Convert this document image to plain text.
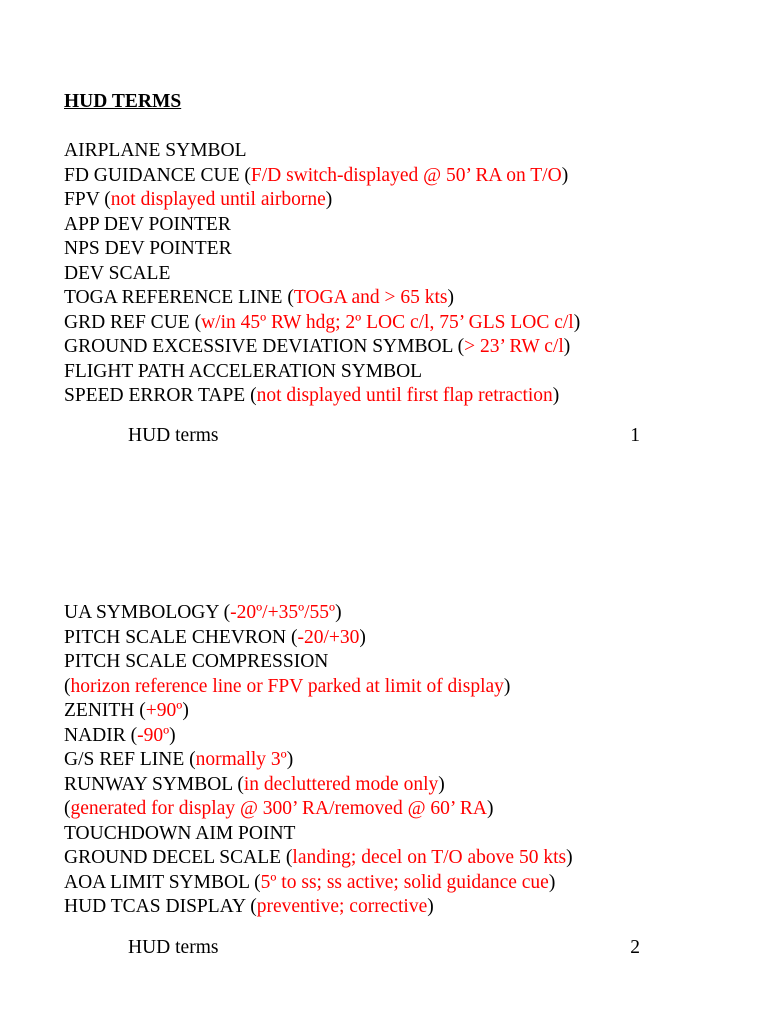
HUD TERMS
AIRPLANE SYMBOL
FD GUIDANCE CUE (F/D switch-displayed @ 50’ RA on T/O)
FPV (not displayed until airborne)
APP DEV POINTER
NPS DEV POINTER
DEV SCALE
TOGA REFERENCE LINE (TOGA and > 65 kts)
GRD REF CUE (w/in 45º RW hdg; 2º LOC c/l, 75’ GLS LOC c/l)
GROUND EXCESSIVE DEVIATION SYMBOL (> 23’ RW c/l)
FLIGHT PATH ACCELERATION SYMBOL
SPEED ERROR TAPE (not displayed until first flap retraction)
HUD terms	1
UA SYMBOLOGY (-20º/+35º/55º)
PITCH SCALE CHEVRON (-20/+30)
PITCH SCALE COMPRESSION
(horizon reference line or FPV parked at limit of display)
ZENITH (+90º)
NADIR (-90º)
G/S REF LINE (normally 3º)
RUNWAY SYMBOL (in decluttered mode only)
(generated for display @ 300’ RA/removed @ 60’ RA)
TOUCHDOWN AIM POINT
GROUND DECEL SCALE (landing; decel on T/O above 50 kts)
AOA LIMIT SYMBOL (5º to ss; ss active; solid guidance cue)
HUD TCAS DISPLAY (preventive; corrective)
HUD terms	2
